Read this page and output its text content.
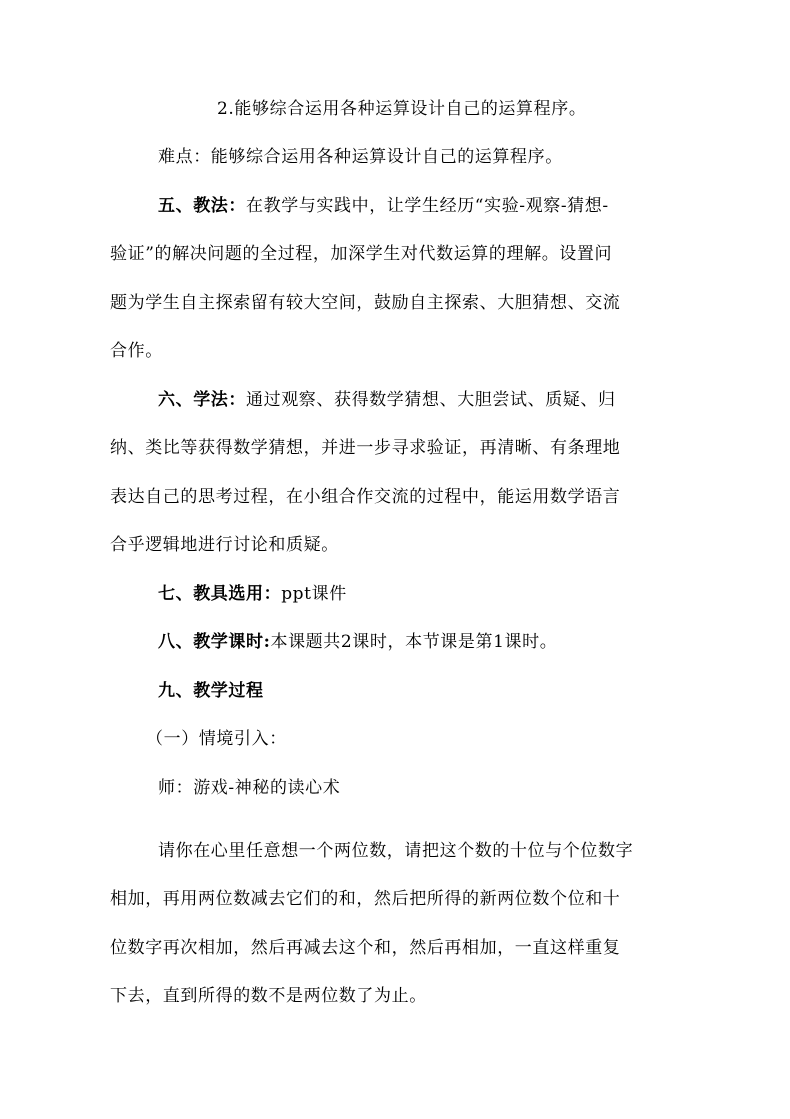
2.能够综合运用各种运算设计自己的运算程序。
难点：能够综合运用各种运算设计自己的运算程序。
五、教法：在教学与实践中，让学生经历“实验-观察-猜想-
验证”的解决问题的全过程，加深学生对代数运算的理解。设置问
题为学生自主探索留有较大空间，鼓励自主探索、大胆猜想、交流
合作。
六、学法：通过观察、获得数学猜想、大胆尝试、质疑、归
纳、类比等获得数学猜想，并进一步寻求验证，再清晰、有条理地
表达自己的思考过程，在小组合作交流的过程中，能运用数学语言
合乎逻辑地进行讨论和质疑。
七、教具选用：ppt课件
八、教学课时:本课题共2课时，本节课是第1课时。
九、教学过程
（一）情境引入：
师：游戏-神秘的读心术
请你在心里任意想一个两位数，请把这个数的十位与个位数字
相加，再用两位数减去它们的和，然后把所得的新两位数个位和十
位数字再次相加，然后再减去这个和，然后再相加，一直这样重复
下去，直到所得的数不是两位数了为止。
